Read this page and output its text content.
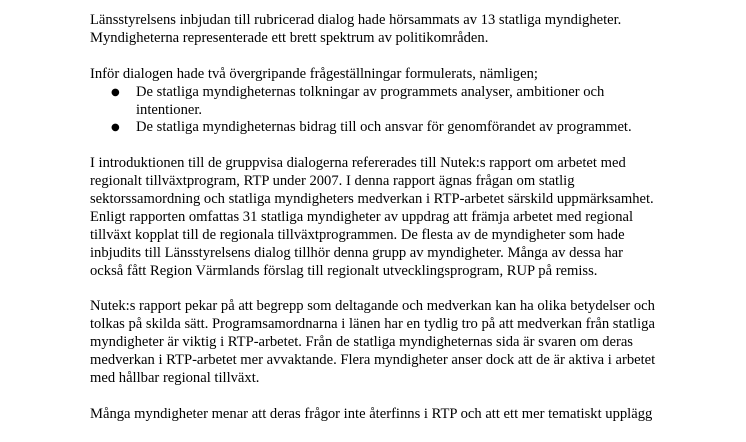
Länsstyrelsens inbjudan till rubricerad dialog hade hörsammats av 13 statliga myndigheter.
Myndigheterna representerade ett brett spektrum av politikområden.

Inför dialogen hade två övergripande frågeställningar formulerats, nämligen;
● De statliga myndigheternas tolkningar av programmets analyser, ambitioner och
intentioner.
● De statliga myndigheternas bidrag till och ansvar för genomförandet av programmet.

I introduktionen till de gruppvisa dialogerna refererades till Nutek:s rapport om arbetet med
regionalt tillväxtprogram, RTP under 2007. I denna rapport ägnas frågan om statlig
sektorssamordning och statliga myndigheters medverkan i RTP-arbetet särskild uppmärksamhet.
Enligt rapporten omfattas 31 statliga myndigheter av uppdrag att främja arbetet med regional
tillväxt kopplat till de regionala tillväxtprogrammen. De flesta av de myndigheter som hade
inbjudits till Länsstyrelsens dialog tillhör denna grupp av myndigheter. Många av dessa har
också fått Region Värmlands förslag till regionalt utvecklingsprogram, RUP på remiss.

Nutek:s rapport pekar på att begrepp som deltagande och medverkan kan ha olika betydelser och
tolkas på skilda sätt. Programsamordnarna i länen har en tydlig tro på att medverkan från statliga
myndigheter är viktig i RTP-arbetet. Från de statliga myndigheternas sida är svaren om deras
medverkan i RTP-arbetet mer avvaktande. Flera myndigheter anser dock att de är aktiva i arbetet
med hållbar regional tillväxt.

Många myndigheter menar att deras frågor inte återfinns i RTP och att ett mer tematiskt upplägg
